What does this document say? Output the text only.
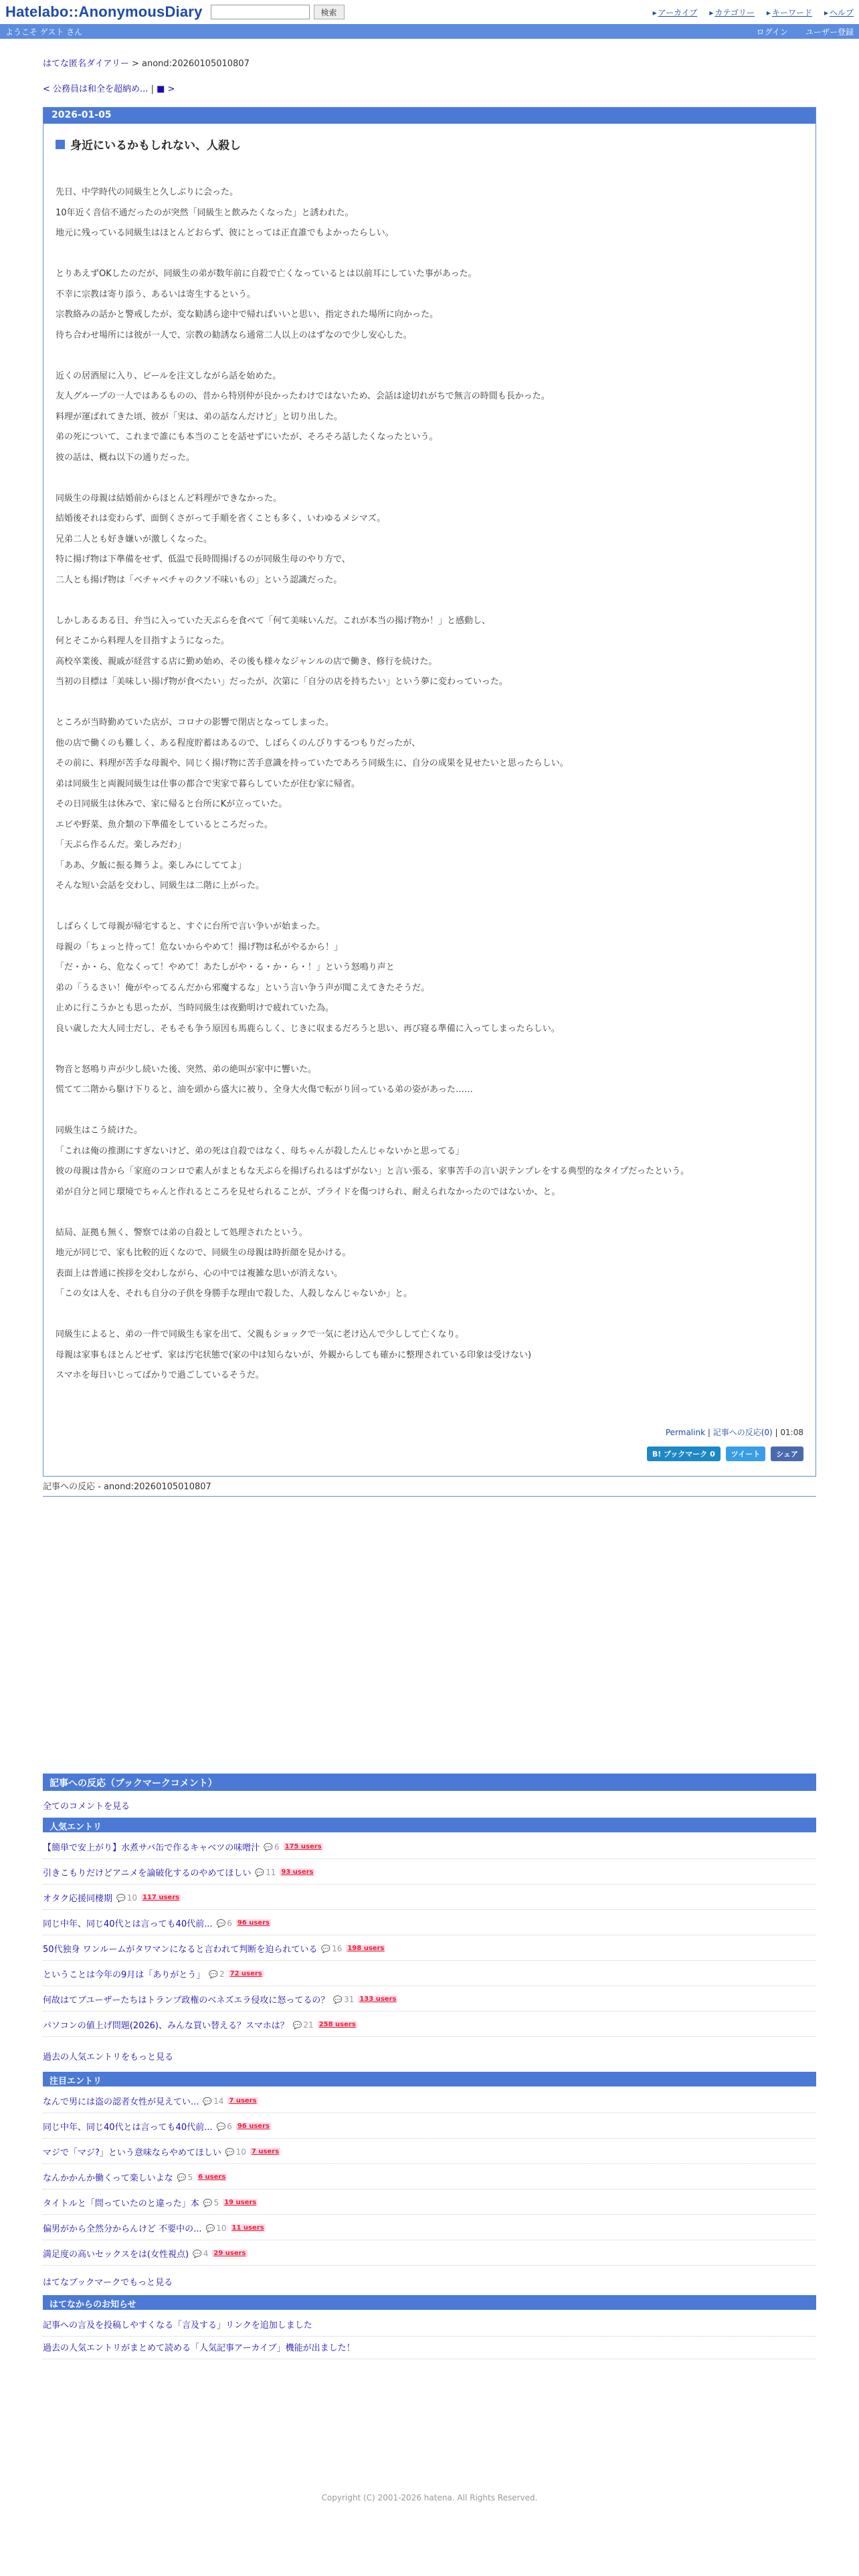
Hatelabo::AnonymousDiary	検索	▸ アーカイブ	▸ カテゴリー	▸ キーワード	▸ ヘルプ
ようこそ ゲスト さん	ログイン ユーザー登録
はてな匿名ダイアリー > anond:20260105010807
< 公務員は和全を超納め... | ■ >
2026-01-05
身近にいるかもしれない、人殺し

先日、中学時代の同級生と久しぶりに会った。

10年近く音信不通だったのが突然「同級生と飲みたくなった」と誘われた。

地元に残っている同級生はほとんどおらず、彼にとっては正直誰でもよかったらしい。

とりあえずOKしたのだが、同級生の弟が数年前に自殺で亡くなっているとは以前耳にしていた事があった。

不幸に宗教は寄り添う、あるいは寄生するという。

宗教絡みの話かと警戒したが、変な勧誘ら途中で帰ればいいと思い、指定された場所に向かった。

待ち合わせ場所には彼が一人で、宗教の勧誘なら通常二人以上のはずなので少し安心した。

近くの居酒屋に入り、ビールを注文しながら話を始めた。

友人グループの一人ではあるものの、昔から特別仲が良かったわけではないため、会話は途切れがちで無言の時間も長かった。

料理が運ばれてきた頃、彼が「実は、弟の話なんだけど」と切り出した。

弟の死について、これまで誰にも本当のことを話せずにいたが、そろそろ話したくなったという。

彼の話は、概ね以下の通りだった。

同級生の母親は結婚前からほとんど料理ができなかった。

結婚後それは変わらず、面倒くさがって手順を省くことも多く、いわゆるメシマズ。

兄弟二人とも好き嫌いが激しくなった。

特に揚げ物は下準備をせず、低温で長時間揚げるのが同級生母のやり方で、

二人とも揚げ物は「ベチャベチャのクソ不味いもの」という認識だった。

しかしあるある日、弁当に入っていた天ぷらを食べて「何て美味いんだ。これが本当の揚げ物か！」と感動し、

何とそこから料理人を目指すようになった。

高校卒業後、親戚が経営する店に勤め始め、その後も様々なジャンルの店で働き、修行を続けた。

当初の目標は「美味しい揚げ物が食べたい」だったが、次第に「自分の店を持ちたい」という夢に変わっていった。

ところが当時勤めていた店が、コロナの影響で閉店となってしまった。

他の店で働くのも難しく、ある程度貯蓄はあるので、しばらくのんびりするつもりだったが、

その前に、料理が苦手な母親や、同じく揚げ物に苦手意識を持っていたであろう同級生に、自分の成果を見せたいと思ったらしい。

弟は同級生と両親同級生は仕事の都合で実家で暮らしていたが住む家に帰省。

その日同級生は休みで、家に帰ると台所にKが立っていた。

エビや野菜、魚介類の下準備をしているところだった。

「天ぷら作るんだ。楽しみだわ」

「ああ、夕飯に振る舞うよ。楽しみにしててよ」

そんな短い会話を交わし、同級生は二階に上がった。

しばらくして母親が帰宅すると、すぐに台所で言い争いが始まった。

母親の「ちょっと待って！危ないからやめて！揚げ物は私がやるから！」

「だ・か・ら、危なくって！やめて！あたしがや・る・か・ら・！」という怒鳴り声と

弟の「うるさい！俺がやってるんだから邪魔するな」という言い争う声が聞こえてきたそうだ。

止めに行こうかとも思ったが、当時同級生は夜勤明けで疲れていた為。

良い歳した大人同士だし、そもそも争う原因も馬鹿らしく、じきに収まるだろうと思い、再び寝る準備に入ってしまったらしい。

物音と怒鳴り声が少し続いた後、突然、弟の絶叫が家中に響いた。

慌てて二階から駆け下りると、油を頭から盛大に被り、全身大火傷で転がり回っている弟の姿があった……

同級生はこう続けた。

「これは俺の推測にすぎないけど、弟の死は自殺ではなく、母ちゃんが殺したんじゃないかと思ってる」

彼の母親は昔から「家庭のコンロで素人がまともな天ぷらを揚げられるはずがない」と言い張る、家事苦手の言い訳テンプレをする典型的なタイプだったという。

弟が自分と同じ環境でちゃんと作れるところを見せられることが、プライドを傷つけられ、耐えられなかったのではないか、と。

結局、証拠も無く、警察では弟の自殺として処理されたという。

地元が同じで、家も比較的近くなので、同級生の母親は時折顔を見かける。

表面上は普通に挨拶を交わしながら、心の中では複雑な思いが消えない。

「この女は人を、それも自分の子供を身勝手な理由で殺した、人殺しなんじゃないか」と。

同級生によると、弟の一件で同級生も家を出て、父親もショックで一気に老け込んで少しして亡くなり。

母親は家事もほとんどせず、家は汚宅状態で(家の中は知らないが、外観からしても確かに整理されている印象は受けない)

スマホを毎日いじってばかりで過ごしているそうだ。

Permalink | 記事への反応(0) | 01:08
B! ブックマーク 0	ツイート	シェア
記事への反応 - anond:20260105010807
記事への反応（ブックマークコメント）
全てのコメントを見る
人気エントリ
【簡単で安上がり】水煮サバ缶で作るキャベツの味噌汁	💬 6 175 users
引きこもりだけどアニメを論破化するのやめてほしい	💬 11 93 users
オタク応援同棲期	💬 10 117 users
同じ中年、同じ40代とは言っても40代前...	💬 6 96 users
50代独身 ワンルームがタワマンになると言われて判断を迫られている	💬 16 198 users
ということは今年の9月は「ありがとう」	💬 2 72 users
何故はてブユーザーたちはトランプ政権のベネズエラ侵攻に怒ってるの？	💬 31 133 users
パソコンの値上げ問題(2026)、みんな買い替える？スマホは？	💬 21 258 users
過去の人気エントリをもっと見る
注目エントリ
なんで男には盗の認者女性が見えてい...	💬 14 7 users
同じ中年、同じ40代とは言っても40代前...	💬 6 96 users
マジで「マジ?」という意味ならやめてほしい	💬 10 7 users
なんかかんか働くって楽しいよな	💬 5 6 users
タイトルと「問っていたのと違った」本	💬 5 19 users
偏男がから全然分からんけど 不要中の...	💬 10 11 users
満足度の高いセックスをは(女性視点)	💬 4 29 users
はてなブックマークでもっと見る
はてなからのお知らせ
記事への言及を投稿しやすくなる「言及する」リンクを追加しました
過去の人気エントリがまとめて読める「人気記事アーカイブ」機能が出ました！
Copyright (C) 2001-2026 hatena. All Rights Reserved.
